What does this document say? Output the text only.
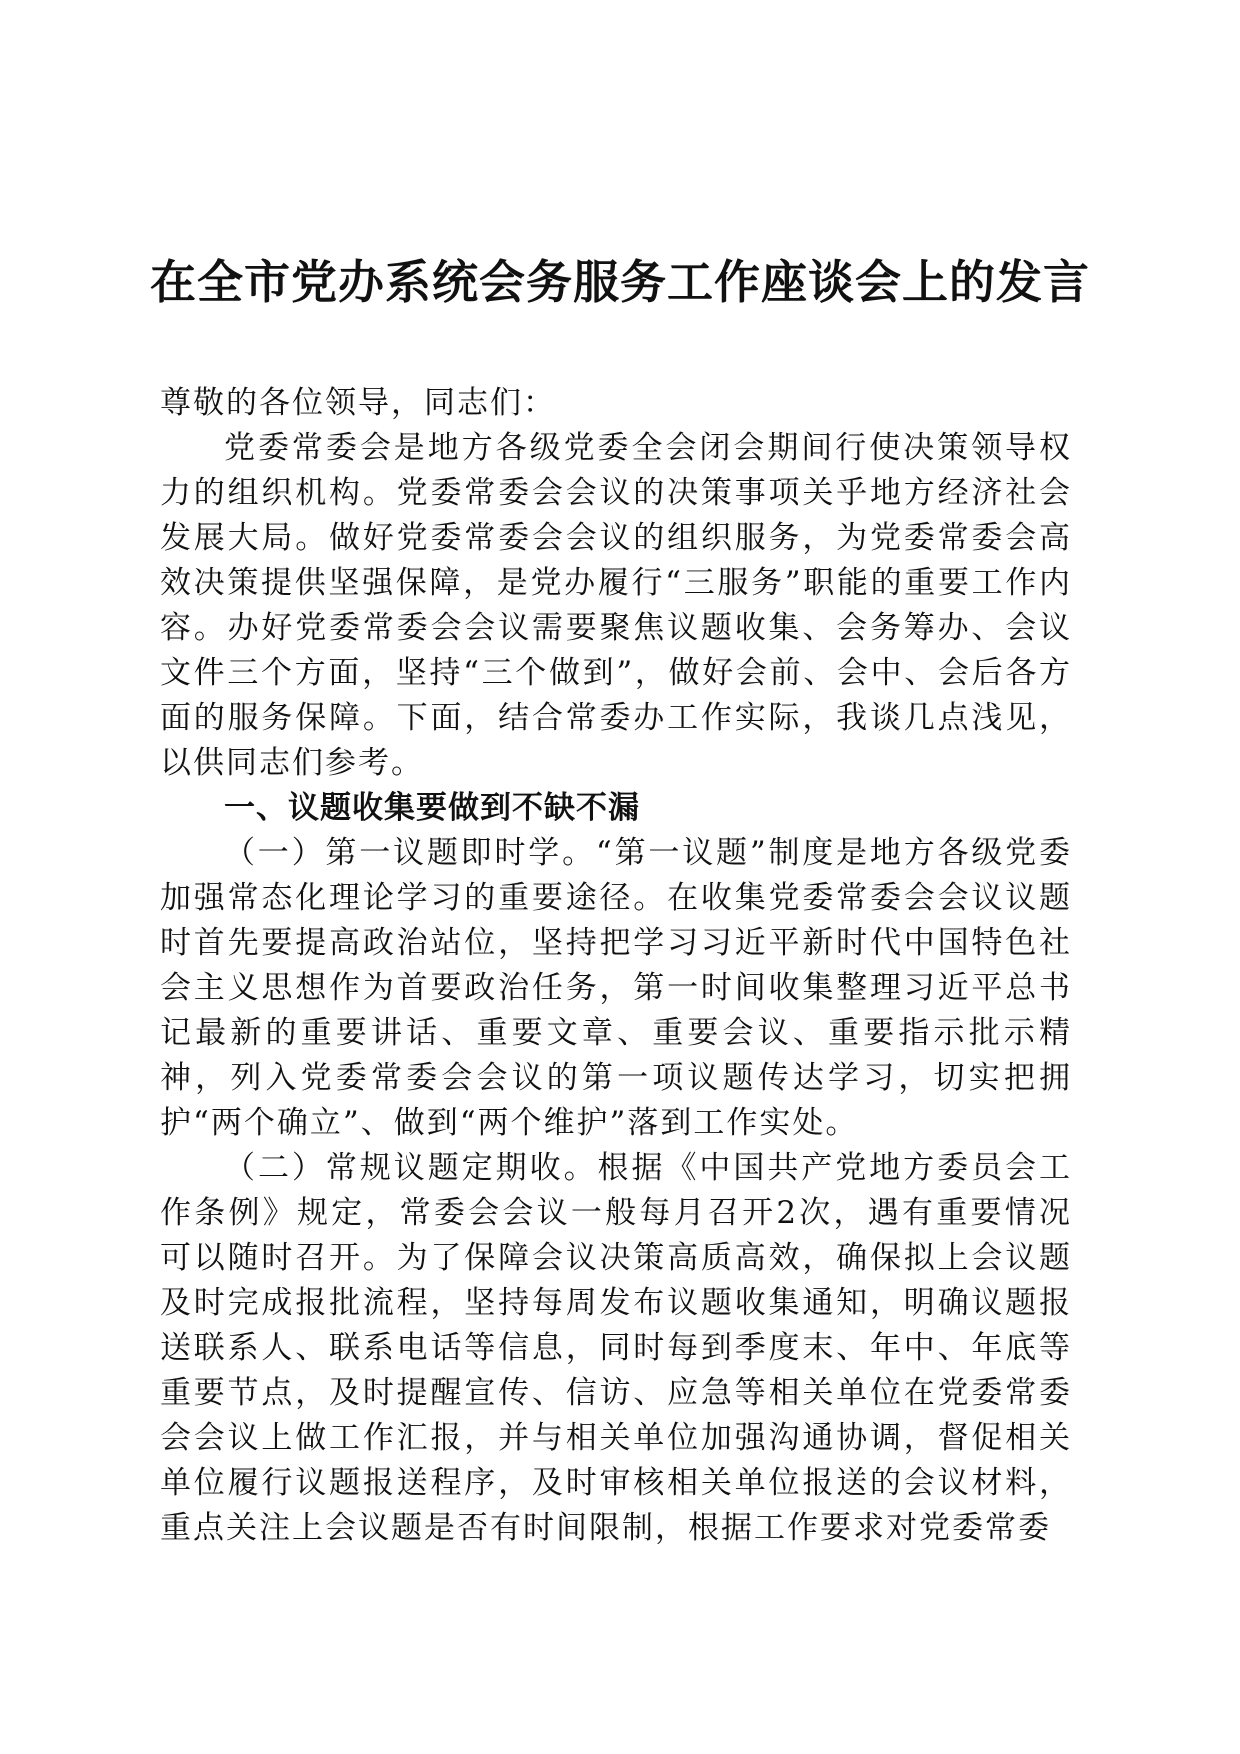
在全市党办系统会务服务工作座谈会上的发言

尊敬的各位领导，同志们：

党委常委会是地方各级党委全会闭会期间行使决策领导权力的组织机构。党委常委会会议的决策事项关乎地方经济社会发展大局。做好党委常委会会议的组织服务，为党委常委会高效决策提供坚强保障，是党办履行“三服务”职能的重要工作内容。办好党委常委会会议需要聚焦议题收集、会务筹办、会议文件三个方面，坚持“三个做到”，做好会前、会中、会后各方面的服务保障。下面，结合常委办工作实际，我谈几点浅见，以供同志们参考。

一、议题收集要做到不缺不漏

（一）第一议题即时学。“第一议题”制度是地方各级党委加强常态化理论学习的重要途径。在收集党委常委会会议议题时首先要提高政治站位，坚持把学习习近平新时代中国特色社会主义思想作为首要政治任务，第一时间收集整理习近平总书记最新的重要讲话、重要文章、重要会议、重要指示批示精神，列入党委常委会会议的第一项议题传达学习，切实把拥护“两个确立”、做到“两个维护”落到工作实处。

（二）常规议题定期收。根据《中国共产党地方委员会工作条例》规定，常委会会议一般每月召开2次，遇有重要情况可以随时召开。为了保障会议决策高质高效，确保拟上会议题及时完成报批流程，坚持每周发布议题收集通知，明确议题报送联系人、联系电话等信息，同时每到季度末、年中、年底等重要节点，及时提醒宣传、信访、应急等相关单位在党委常委会会议上做工作汇报，并与相关单位加强沟通协调，督促相关单位履行议题报送程序，及时审核相关单位报送的会议材料，重点关注上会议题是否有时间限制，根据工作要求对党委常委
